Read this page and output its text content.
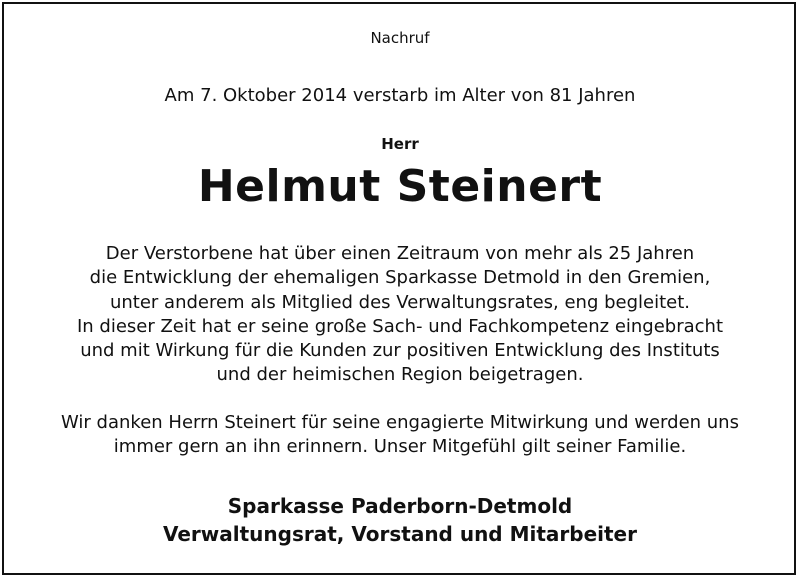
Nachruf
Am 7. Oktober 2014 verstarb im Alter von 81 Jahren
Herr
Helmut Steinert
Der Verstorbene hat über einen Zeitraum von mehr als 25 Jahren
die Entwicklung der ehemaligen Sparkasse Detmold in den Gremien,
unter anderem als Mitglied des Verwaltungsrates, eng begleitet.
In dieser Zeit hat er seine große Sach- und Fachkompetenz eingebracht
und mit Wirkung für die Kunden zur positiven Entwicklung des Instituts
und der heimischen Region beigetragen.
Wir danken Herrn Steinert für seine engagierte Mitwirkung und werden uns
immer gern an ihn erinnern. Unser Mitgefühl gilt seiner Familie.
Sparkasse Paderborn-Detmold
Verwaltungsrat, Vorstand und Mitarbeiter
